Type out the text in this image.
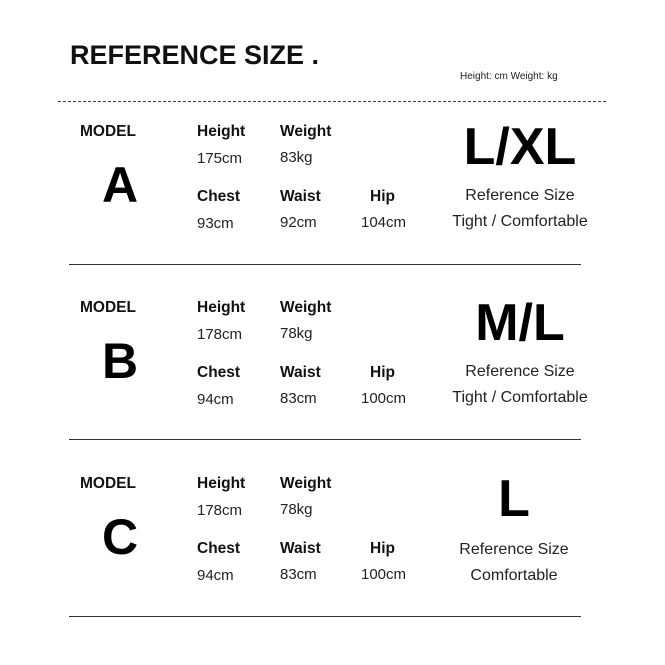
REFERENCE SIZE .
Height: cm Weight: kg
MODEL
A
Height
175cm
Weight
83kg
Chest
93cm
Waist
92cm
Hip
104cm
L/XL
Reference Size
Tight / Comfortable
MODEL
B
Height
178cm
Weight
78kg
Chest
94cm
Waist
83cm
Hip
100cm
M/L
Reference Size
Tight / Comfortable
MODEL
C
Height
178cm
Weight
78kg
Chest
94cm
Waist
83cm
Hip
100cm
L
Reference Size
Comfortable
